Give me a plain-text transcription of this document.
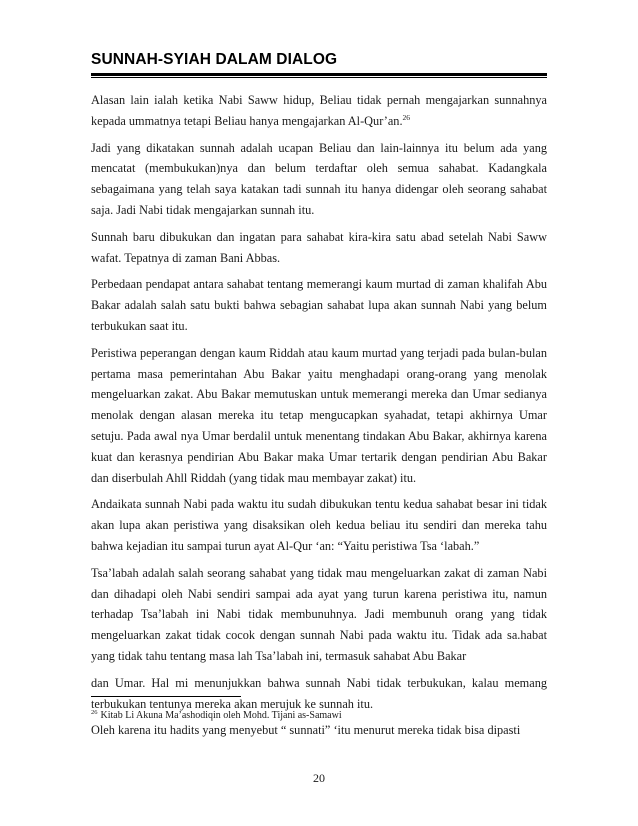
SUNNAH-SYIAH DALAM DIALOG

Alasan lain ialah ketika Nabi Saww hidup, Beliau tidak pernah mengajarkan sunnahnya kepada ummatnya tetapi Beliau hanya mengajarkan Al-Qur’an.$^{26}$

Jadi yang dikatakan sunnah adalah ucapan Beliau dan lain-lainnya itu belum ada yang mencatat (membukukan)nya dan belum terdaftar oleh semua sahabat. Kadangkala sebagaimana yang telah saya katakan tadi sunnah itu hanya didengar oleh seorang sahabat saja. Jadi Nabi tidak mengajarkan sunnah itu.

Sunnah baru dibukukan dan ingatan para sahabat kira-kira satu abad setelah Nabi Saww wafat. Tepatnya di zaman Bani Abbas.

Perbedaan pendapat antara sahabat tentang memerangi kaum murtad di zaman khalifah Abu Bakar adalah salah satu bukti bahwa sebagian sahabat lupa akan sunnah Nabi yang belum terbukukan saat itu.

Peristiwa peperangan dengan kaum Riddah atau kaum murtad yang terjadi pada bulan-bulan pertama masa pemerintahan Abu Bakar yaitu menghadapi orang-orang yang menolak mengeluarkan zakat. Abu Bakar memutuskan untuk memerangi mereka dan Umar sedianya menolak dengan alasan mereka itu tetap mengucapkan syahadat, tetapi akhirnya Umar setuju. Pada awal nya Umar berdalil untuk menentang tindakan Abu Bakar, akhirnya karena kuat dan kerasnya pendirian Abu Bakar maka Umar tertarik dengan pendirian Abu Bakar dan diserbulah Ahll Riddah (yang tidak mau membayar zakat) itu.

Andaikata sunnah Nabi pada waktu itu sudah dibukukan tentu kedua sahabat besar ini tidak akan lupa akan peristiwa yang disaksikan oleh kedua beliau itu sendiri dan mereka tahu bahwa kejadian itu sampai turun ayat Al-Qur ‘an: “Yaitu peristiwa Tsa ‘labah.”

Tsa’labah adalah salah seorang sahabat yang tidak mau mengeluarkan zakat di zaman Nabi dan dihadapi oleh Nabi sendiri sampai ada ayat yang turun karena peristiwa itu, namun terhadap Tsa’labah ini Nabi tidak membunuhnya. Jadi membunuh orang yang tidak mengeluarkan zakat tidak cocok dengan sunnah Nabi pada waktu itu. Tidak ada sa.habat yang tidak tahu tentang masa lah Tsa’labah ini, termasuk sahabat Abu Bakar

dan Umar. Hal mi menunjukkan bahwa sunnah Nabi tidak terbukukan, kalau memang terbukukan tentunya mereka akan merujuk ke sunnah itu.

Oleh karena itu hadits yang menyebut “ sunnati” ‘itu menurut mereka tidak bisa dipasti

$^{26}$ Kitab Li Akuna Ma’ashodiqin oleh Mohd. Tijani as-Samawi
20
